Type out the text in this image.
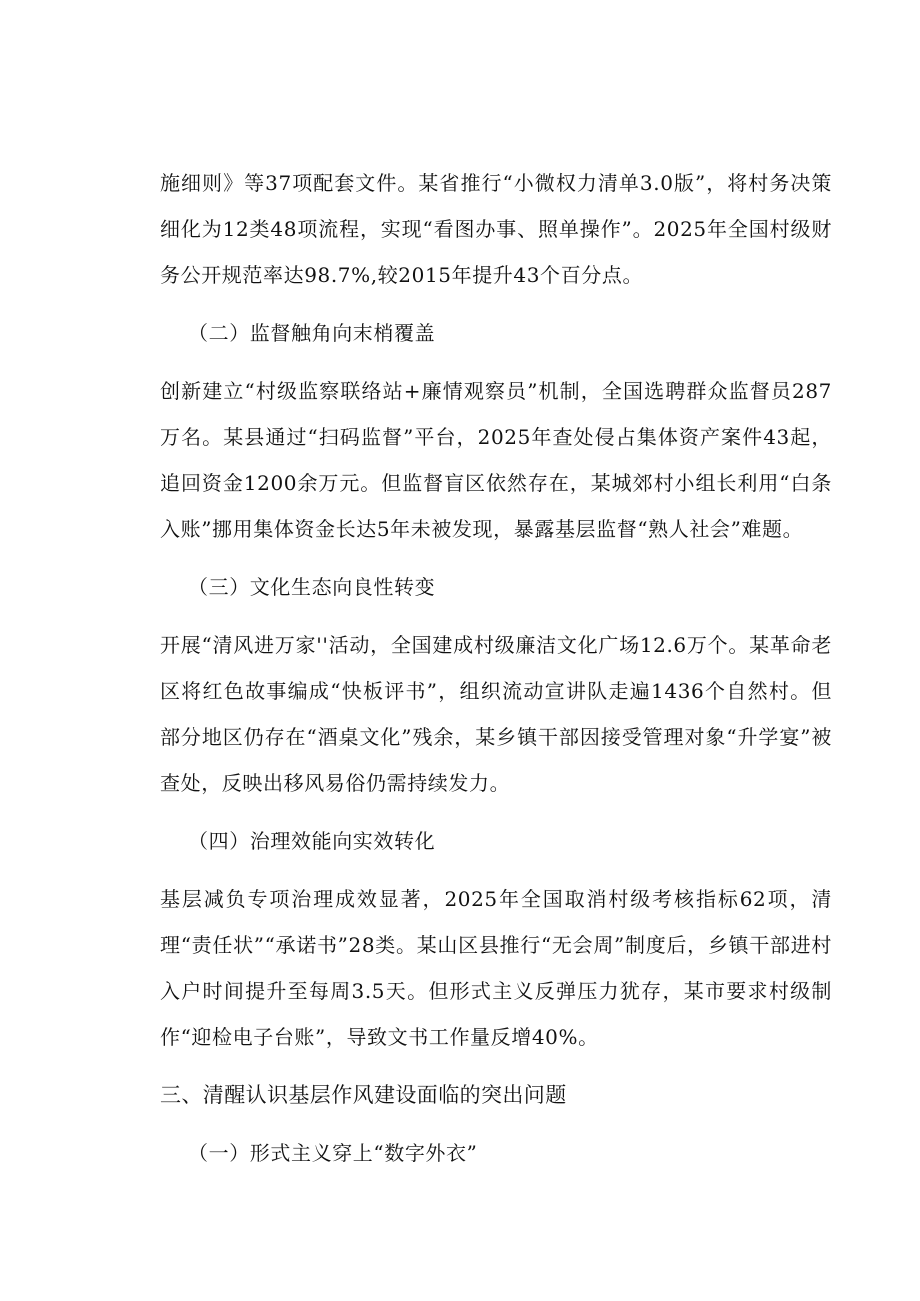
施细则》等37项配套文件。某省推行“小微权力清单3.0版”，将村务决策细化为12类48项流程，实现“看图办事、照单操作”。2025年全国村级财务公开规范率达98.7%,较2015年提升43个百分点。

（二）监督触角向末梢覆盖

创新建立“村级监察联络站+廉情观察员”机制，全国选聘群众监督员287万名。某县通过“扫码监督”平台，2025年查处侵占集体资产案件43起，追回资金1200余万元。但监督盲区依然存在，某城郊村小组长利用“白条入账”挪用集体资金长达5年未被发现，暴露基层监督“熟人社会”难题。

（三）文化生态向良性转变

开展“清风进万家''活动，全国建成村级廉洁文化广场12.6万个。某革命老区将红色故事编成“快板评书”，组织流动宣讲队走遍1436个自然村。但部分地区仍存在“酒桌文化”残余，某乡镇干部因接受管理对象“升学宴”被查处，反映出移风易俗仍需持续发力。

（四）治理效能向实效转化

基层减负专项治理成效显著，2025年全国取消村级考核指标62项，清理“责任状”“承诺书”28类。某山区县推行“无会周”制度后，乡镇干部进村入户时间提升至每周3.5天。但形式主义反弹压力犹存，某市要求村级制作“迎检电子台账”，导致文书工作量反增40%。

三、清醒认识基层作风建设面临的突出问题

（一）形式主义穿上“数字外衣”
